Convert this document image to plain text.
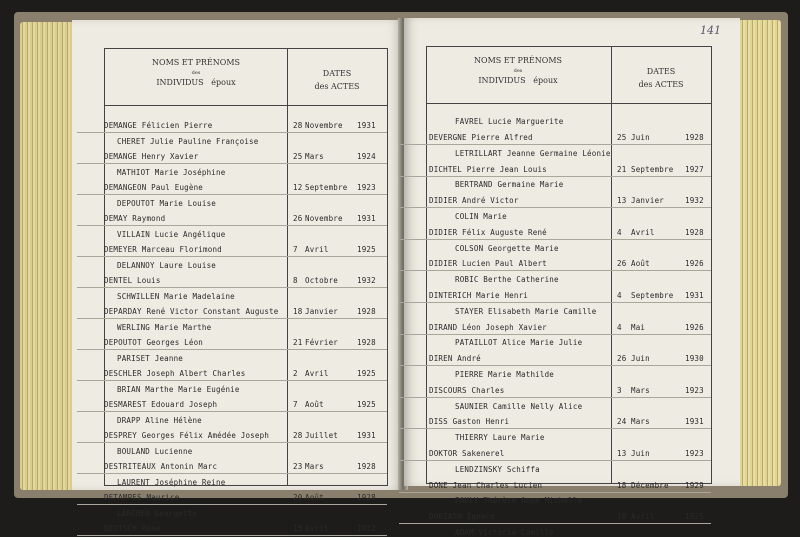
NOMS ET PRÉNOMS
des
INDIVIDUS époux
DATES
des ACTES
DEMANGE Félicien Pierre	28 Novembre 1931
CHERET Julie Pauline Françoise
DEMANGE Henry Xavier	25 Mars	1924
MATHIOT Marie Joséphine
DEMANGEON Paul Eugène	12 Septembre 1923
DEPOUTOT Marie Louise
DEMAY Raymond	26 Novembre 1931
VILLAIN Lucie Angélique
DEMEYER Marceau Florimond	7 Avril	1925
DELANNOY Laure Louise
DENTEL Louis	8 Octobre	1932
SCHWILLEN Marie Madelaine
DEPARDAY René Victor Constant Auguste 18 Janvier	1928
WERLING Marie Marthe
DEPOUTOT Georges Léon	21 Février	1928
PARISET Jeanne
DESCHLER Joseph Albert Charles	2 Avril	1925
BRIAN Marthe Marie Eugénie
DESMAREST Edouard Joseph	7 Août	1925
DRAPP Aline Hélène
DESPREY Georges Félix Amédée Joseph	28 Juillet	1931
BOULAND Lucienne
DESTRITEAUX Antonin Marc	23 Mars	1928
LAURENT Joséphine Reine
DETAMPES Maurice	20 Août	1928
LARCHER Georgette
DEUTSCH René	15 Avril	1932
141
NOMS ET PRÉNOMS
des
INDIVIDUS époux
DATES
des ACTES
FAVREL Lucie Marguerite
DEVERGNE Pierre Alfred	25 Juin	1928
LETRILLART Jeanne Germaine Léonie
DICHTEL Pierre Jean Louis	21 Septembre 1927
BERTRAND Germaine Marie
DIDIER André Victor	13 Janvier	1932
COLIN Marie
DIDIER Félix Auguste René	4 Avril	1928
COLSON Georgette Marie
DIDIER Lucien Paul Albert	26 Août	1926
ROBIC Berthe Catherine
DINTERICH Marie Henri	4 Septembre 1931
STAYER Elisabeth Marie Camille
DIRAND Léon Joseph Xavier	4 Mai	1926
PATAILLOT Alice Marie Julie
DIREN André	26 Juin	1930
PIERRE Marie Mathilde
DISCOURS Charles	3 Mars	1923
SAUNIER Camille Nelly Alice
DISS Gaston Henri	24 Mars	1931
THIERRY Laure Marie
DOKTOR Sakenerel	13 Juin	1923
LENDZINSKY Schiffa
DONE Jean Charles Lucien	18 Décembre 1929
PAULY Thérèse Anne Michelle
DORIATH Ignace	10 Avril	1925
ADAM Victoria Camille
